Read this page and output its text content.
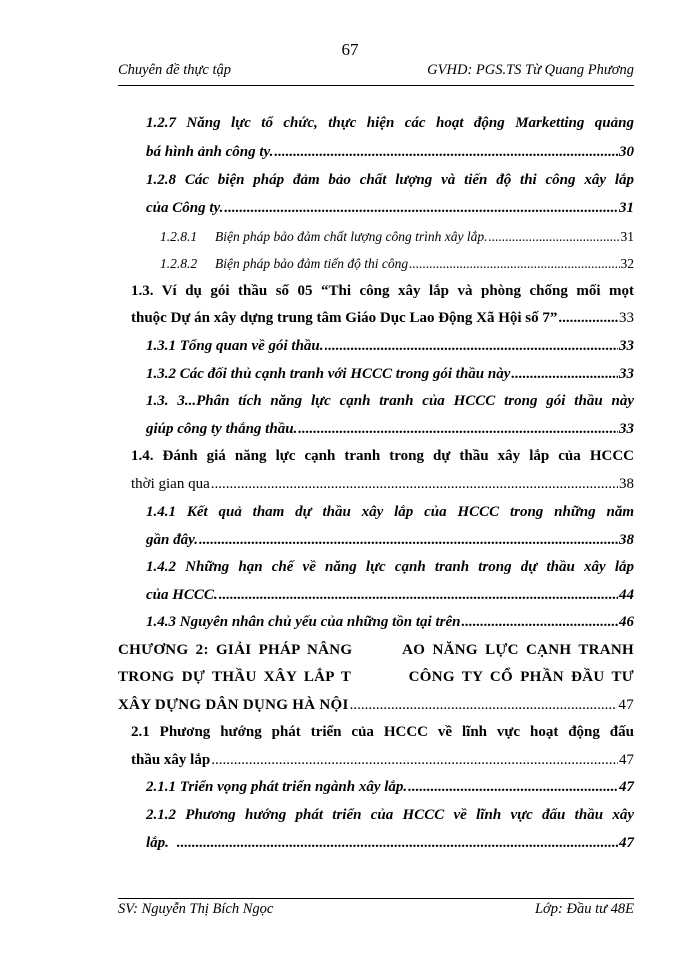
67
Chuyên đề thực tập	GVHD: PGS.TS Từ Quang Phương
1.2.7 Năng lực tổ chức, thực hiện các hoạt động Marketting quảng
bá hình ảnh công ty. .....	30
1.2.8 Các biện pháp đảm bảo chất lượng và tiến độ thi công xây lắp
của Công ty. .....	31
1.2.8.1	Biện pháp bảo đảm chất lượng công trình xây lắp. .....	31
1.2.8.2	Biện pháp bảo đảm tiến độ thi công .....	32
1.3. Ví dụ gói thầu số 05 “Thi công xây lắp và phòng chống mối mọt
thuộc Dự án xây dựng trung tâm Giáo Dục Lao Động Xã Hội số 7” .....	33
1.3.1 Tổng quan về gói thầu. .....	33
1.3.2 Các đối thủ cạnh tranh với HCCC trong gói thầu này .....	33
1.3. 3...Phân tích năng lực cạnh tranh của HCCC trong gói thầu này
giúp công ty thắng thầu. .....	33
1.4. Đánh giá năng lực cạnh tranh trong dự thầu xây lắp của HCCC
thời gian qua .....	38
1.4.1 Kết quả tham dự thầu xây lắp của HCCC trong những năm
gần đây. .....	38
1.4.2 Những hạn chế về năng lực cạnh tranh trong dự thầu xây lắp
của HCCC. .....	44
1.4.3 Nguyên nhân chủ yếu của những tồn tại trên .....	46
CHƯƠNG 2: GIẢI PHÁP NÂNG       AO NĂNG LỰC CẠNH TRANH
TRONG DỰ THẦU XÂY LẮP T        CÔNG TY CỔ PHẦN ĐẦU TƯ
XÂY DỰNG DÂN DỤNG HÀ NỘI .....	47
2.1 Phương hướng phát triển của HCCC về lĩnh vực hoạt động đấu
thầu xây lắp .....	47
2.1.1 Triển vọng phát triển ngành xây lắp. .....	47
2.1.2 Phương hướng phát triển của HCCC về lĩnh vực đấu thầu xây
lắp. .....	47
SV: Nguyễn Thị Bích Ngọc	Lớp: Đầu tư 48E
